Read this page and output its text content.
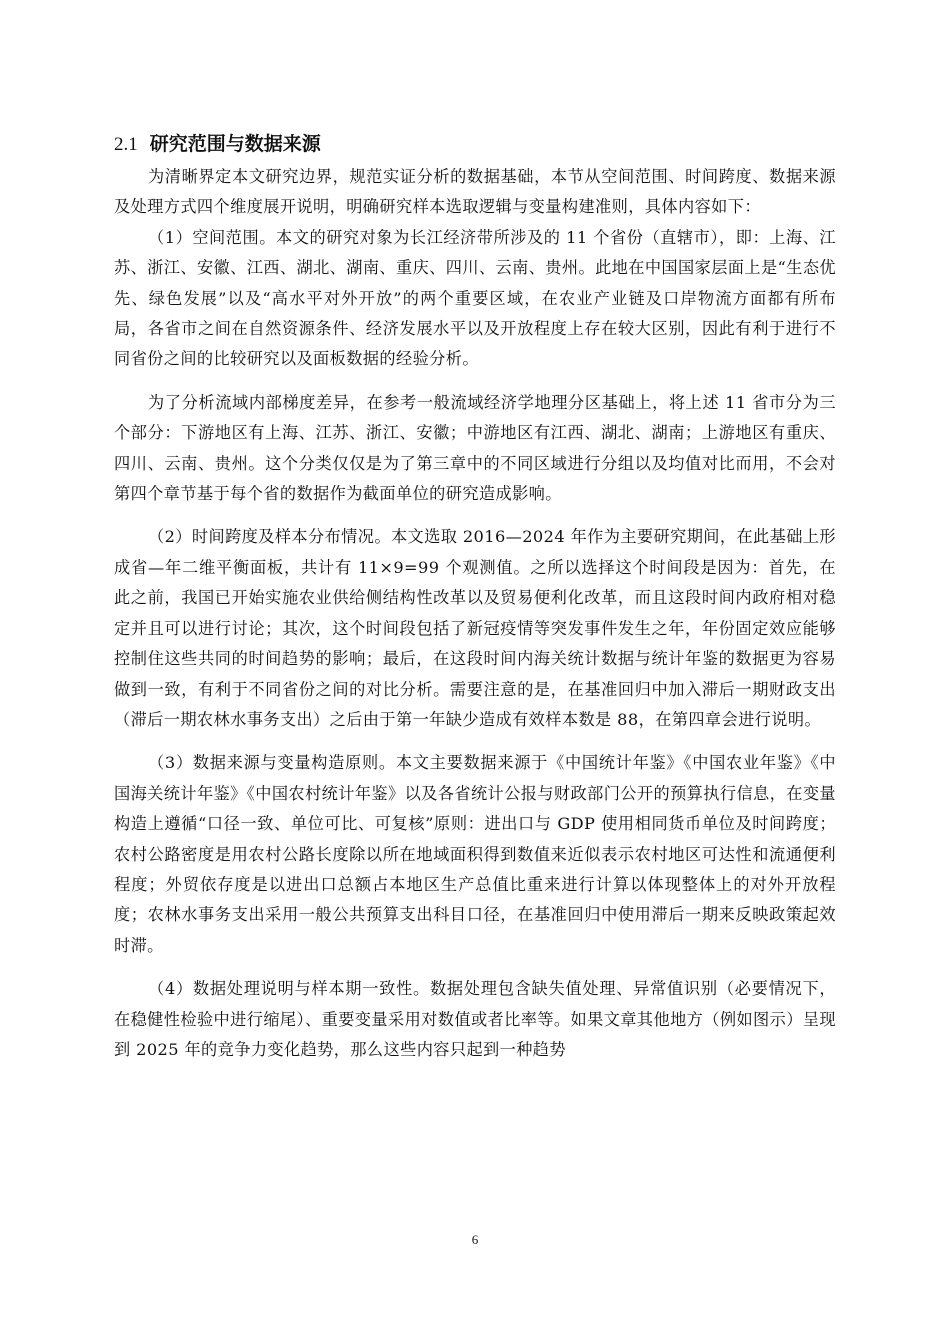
2.1 研究范围与数据来源

为清晰界定本文研究边界，规范实证分析的数据基础，本节从空间范围、时间跨度、数据来源及处理方式四个维度展开说明，明确研究样本选取逻辑与变量构建准则，具体内容如下：

（1）空间范围。本文的研究对象为长江经济带所涉及的 11 个省份（直辖市），即：上海、江苏、浙江、安徽、江西、湖北、湖南、重庆、四川、云南、贵州。此地在中国国家层面上是“生态优先、绿色发展”以及“高水平对外开放”的两个重要区域，在农业产业链及口岸物流方面都有所布局，各省市之间在自然资源条件、经济发展水平以及开放程度上存在较大区别，因此有利于进行不同省份之间的比较研究以及面板数据的经验分析。

为了分析流域内部梯度差异，在参考一般流域经济学地理分区基础上，将上述 11 省市分为三个部分：下游地区有上海、江苏、浙江、安徽；中游地区有江西、湖北、湖南；上游地区有重庆、四川、云南、贵州。这个分类仅仅是为了第三章中的不同区域进行分组以及均值对比而用，不会对第四个章节基于每个省的数据作为截面单位的研究造成影响。

（2）时间跨度及样本分布情况。本文选取 2016—2024 年作为主要研究期间，在此基础上形成省—年二维平衡面板，共计有 11×9=99 个观测值。之所以选择这个时间段是因为：首先，在此之前，我国已开始实施农业供给侧结构性改革以及贸易便利化改革，而且这段时间内政府相对稳定并且可以进行讨论；其次，这个时间段包括了新冠疫情等突发事件发生之年，年份固定效应能够控制住这些共同的时间趋势的影响；最后，在这段时间内海关统计数据与统计年鉴的数据更为容易做到一致，有利于不同省份之间的对比分析。需要注意的是，在基准回归中加入滞后一期财政支出（滞后一期农林水事务支出）之后由于第一年缺少造成有效样本数是 88，在第四章会进行说明。

（3）数据来源与变量构造原则。本文主要数据来源于《中国统计年鉴》《中国农业年鉴》《中国海关统计年鉴》《中国农村统计年鉴》以及各省统计公报与财政部门公开的预算执行信息，在变量构造上遵循“口径一致、单位可比、可复核”原则：进出口与 GDP 使用相同货币单位及时间跨度；农村公路密度是用农村公路长度除以所在地域面积得到数值来近似表示农村地区可达性和流通便利程度；外贸依存度是以进出口总额占本地区生产总值比重来进行计算以体现整体上的对外开放程度；农林水事务支出采用一般公共预算支出科目口径，在基准回归中使用滞后一期来反映政策起效时滞。

（4）数据处理说明与样本期一致性。数据处理包含缺失值处理、异常值识别（必要情况下，在稳健性检验中进行缩尾）、重要变量采用对数值或者比率等。如果文章其他地方（例如图示）呈现到 2025 年的竞争力变化趋势，那么这些内容只起到一种趋势

6
